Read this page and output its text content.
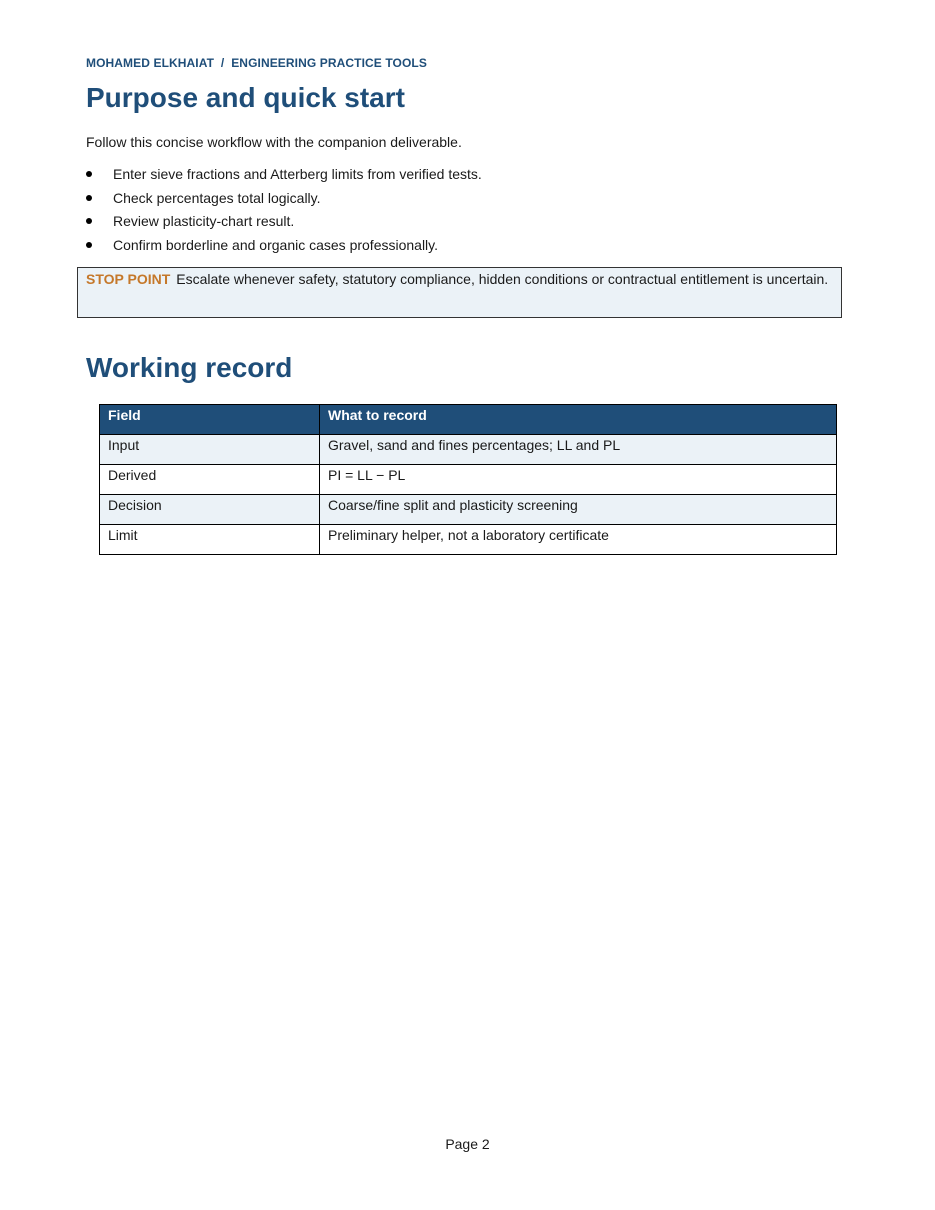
MOHAMED ELKHAIAT  /  ENGINEERING PRACTICE TOOLS
Purpose and quick start
Follow this concise workflow with the companion deliverable.
Enter sieve fractions and Atterberg limits from verified tests.
Check percentages total logically.
Review plasticity-chart result.
Confirm borderline and organic cases professionally.
STOP POINT Escalate whenever safety, statutory compliance, hidden conditions or contractual entitlement is uncertain.
Working record
Field	What to record
Input	Gravel, sand and fines percentages; LL and PL
Derived	PI = LL − PL
Decision	Coarse/fine split and plasticity screening
Limit	Preliminary helper, not a laboratory certificate
Page 2
